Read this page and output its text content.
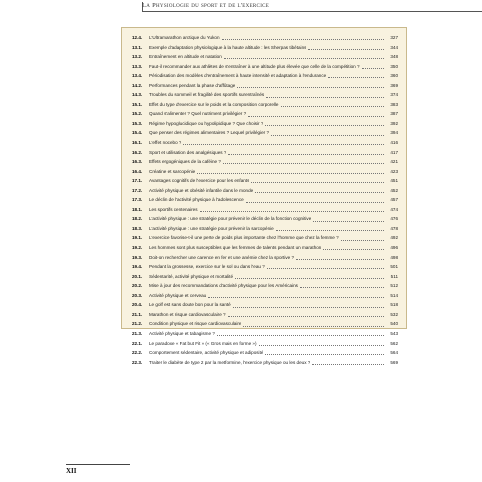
La Physiologie du sport et de l'exercice
12.4.	L'Ultramarathon arctique du Yukon	327
13.1.	Exemple d'adaptation physiologique à la haute altitude : les Sherpas tibétains	344
13.2.	Entraînement en altitude et natation	348
13.3.	Faut-il recommander aux athlètes de s'entraîner à une altitude plus élevée que celle de la compétition ?	350
13.4.	Périodisation des modèles d'entraînement à haute intensité et adaptation à l'endurance	360
14.2.	Performances pendant la phase d'affûtage	369
14.3.	Troubles du sommeil et fragilité des sportifs surentraînés	374
15.1.	Effet du type d'exercice sur le poids et la composition corporelle	383
15.2.	Quand s'alimenter ? Quel nutriment privilégier ?	387
15.3.	Régime hypoglucidique ou hypolipidique ? Que choisir ?	392
15.4.	Que penser des régimes alimentaires ? Lequel privilégier ?	394
16.1.	L'effet nocebo ?	416
16.2.	Sport et utilisation des analgésiques ?	417
16.3.	Effets ergogéniques de la caféine ?	421
16.4.	Créatine et sarcopénie	423
17.1.	Avantages cognitifs de l'exercice pour les enfants	451
17.2.	Activité physique et obésité infantile dans le monde	452
17.3.	Le déclin de l'activité physique à l'adolescence	457
18.1.	Les sportifs centenaires	474
18.2.	L'activité physique : une stratégie pour prévenir le déclin de la fonction cognitive	476
18.3.	L'activité physique : une stratégie pour prévenir la sarcopénie	478
19.1.	L'exercice favorise-t-il une perte de poids plus importante chez l'homme que chez la femme ?	492
19.2.	Les hommes sont plus susceptibles que les femmes de talents pendant un marathon	496
19.3.	Doit-on rechercher une carence en fer et une anémie chez la sportive ?	498
19.4.	Pendant la grossesse, exercice sur le sol ou dans l'eau ?	501
20.1.	Sédentarité, activité physique et mortalité	511
20.2.	Mise à jour des recommandations d'activité physique pour les Américains	512
20.3.	Activité physique et cerveau	514
20.4.	Le golf est sans doute bon pour la santé	518
21.1.	Marathon et risque cardiovasculaire ?	532
21.2.	Condition physique et risque cardiovasculaire	540
21.3.	Activité physique et tabagisme ?	543
22.1.	Le paradoxe « Fat but Fit » (« Gros mais en forme »)	562
22.2.	Comportement sédentaire, activité physique et adiposité	564
22.3.	Traiter le diabète de type 2 par la metformine, l'exercice physique ou les deux ?	569
XII
